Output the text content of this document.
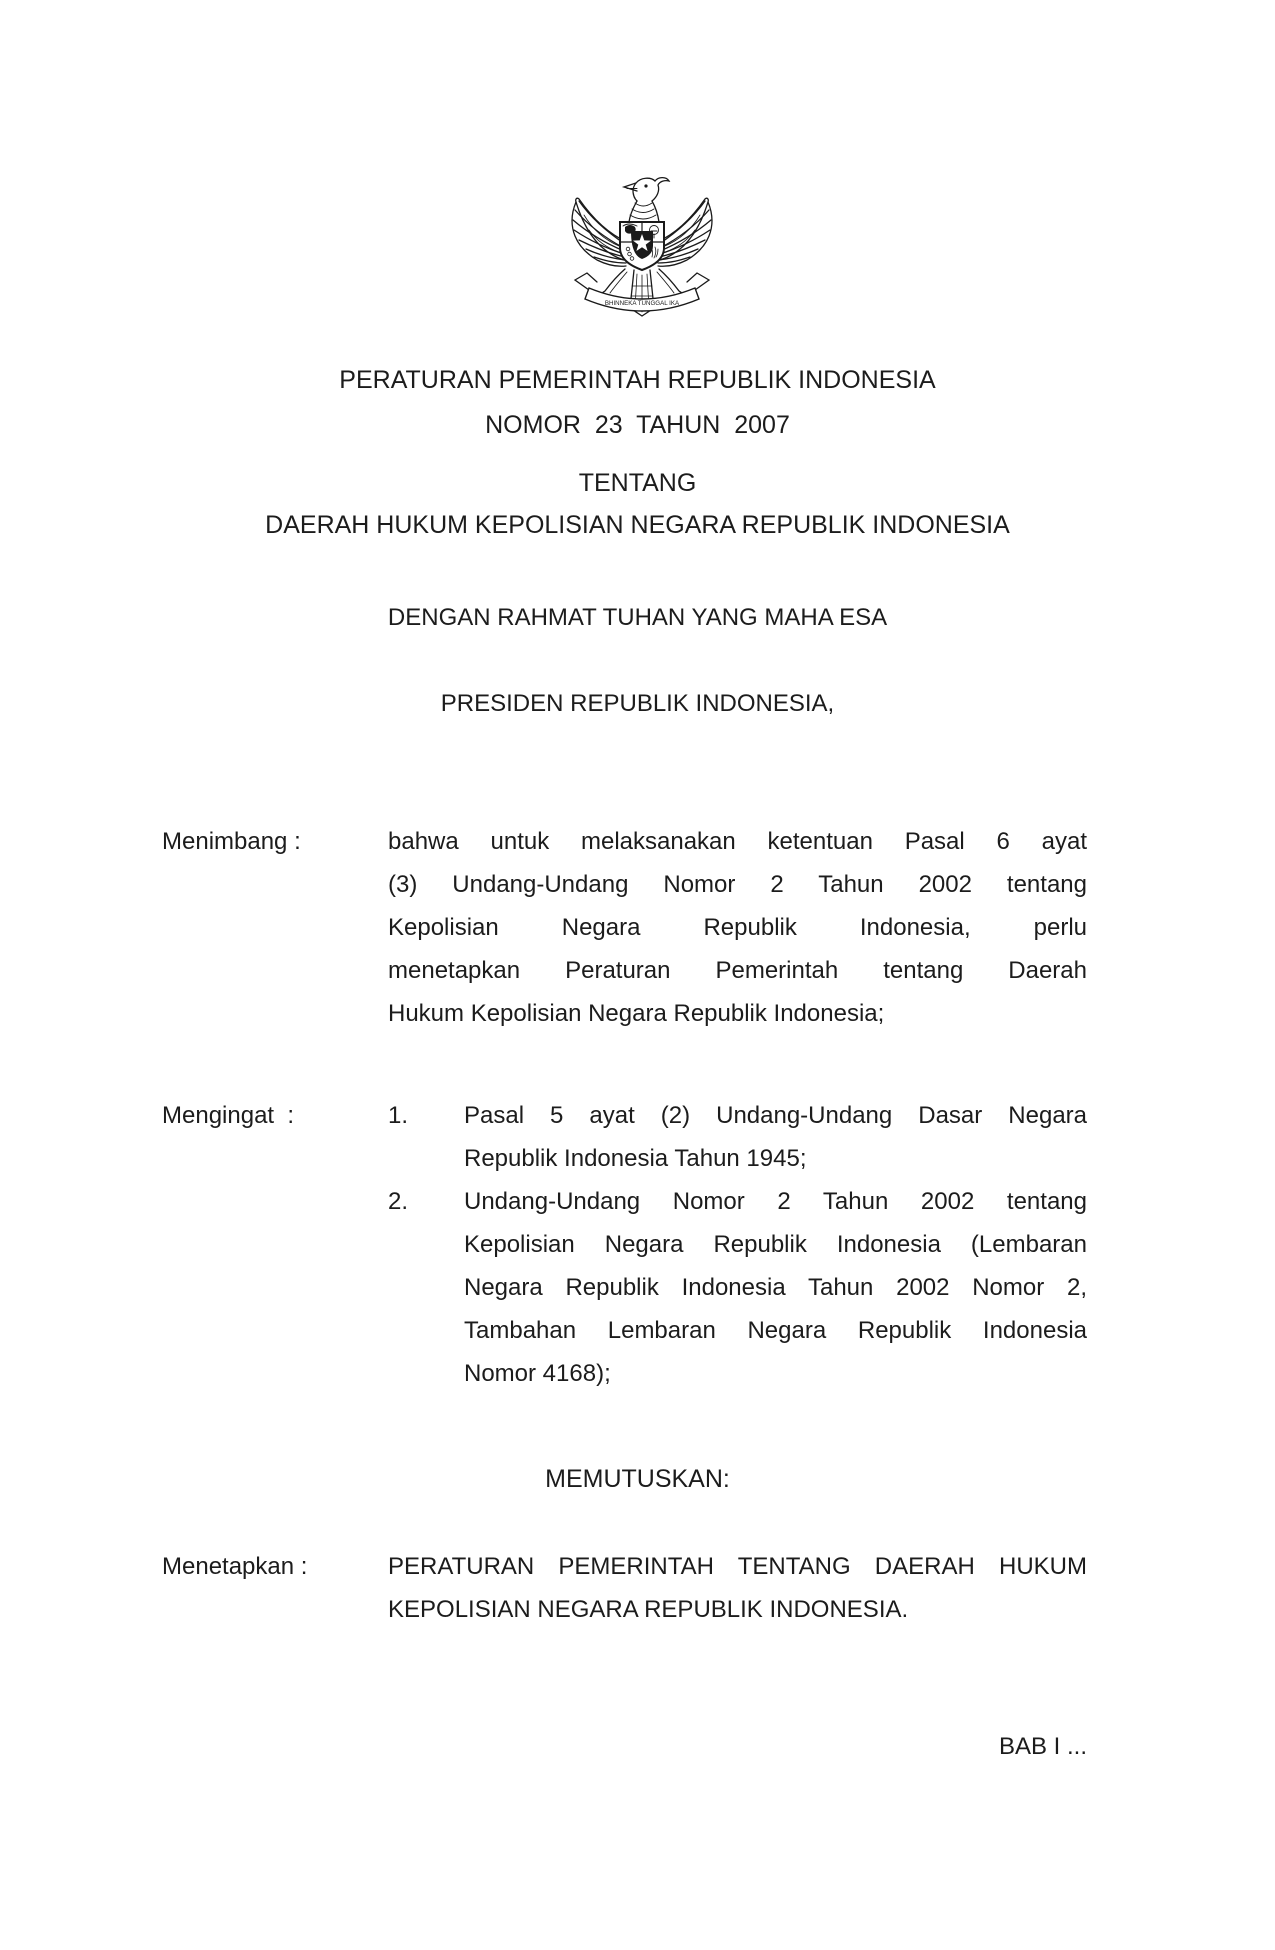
BHINNEKA TUNGGAL IKA
PERATURAN PEMERINTAH REPUBLIK INDONESIA
NOMOR  23  TAHUN  2007
TENTANG
DAERAH HUKUM KEPOLISIAN NEGARA REPUBLIK INDONESIA
DENGAN RAHMAT TUHAN YANG MAHA ESA
PRESIDEN REPUBLIK INDONESIA,
Menimbang :	bahwa untuk melaksanakan ketentuan Pasal 6 ayat
(3) Undang-Undang Nomor 2 Tahun 2002 tentang
Kepolisian Negara Republik Indonesia, perlu
menetapkan Peraturan Pemerintah tentang Daerah
Hukum Kepolisian Negara Republik Indonesia;
Mengingat  :	1.	Pasal 5 ayat (2) Undang-Undang Dasar Negara
Republik Indonesia Tahun 1945;
2.	Undang-Undang Nomor 2 Tahun 2002 tentang
Kepolisian Negara Republik Indonesia (Lembaran
Negara Republik Indonesia Tahun 2002 Nomor 2,
Tambahan Lembaran Negara Republik Indonesia
Nomor 4168);
MEMUTUSKAN:
Menetapkan :	PERATURAN PEMERINTAH TENTANG DAERAH HUKUM
KEPOLISIAN NEGARA REPUBLIK INDONESIA.
BAB I ...
